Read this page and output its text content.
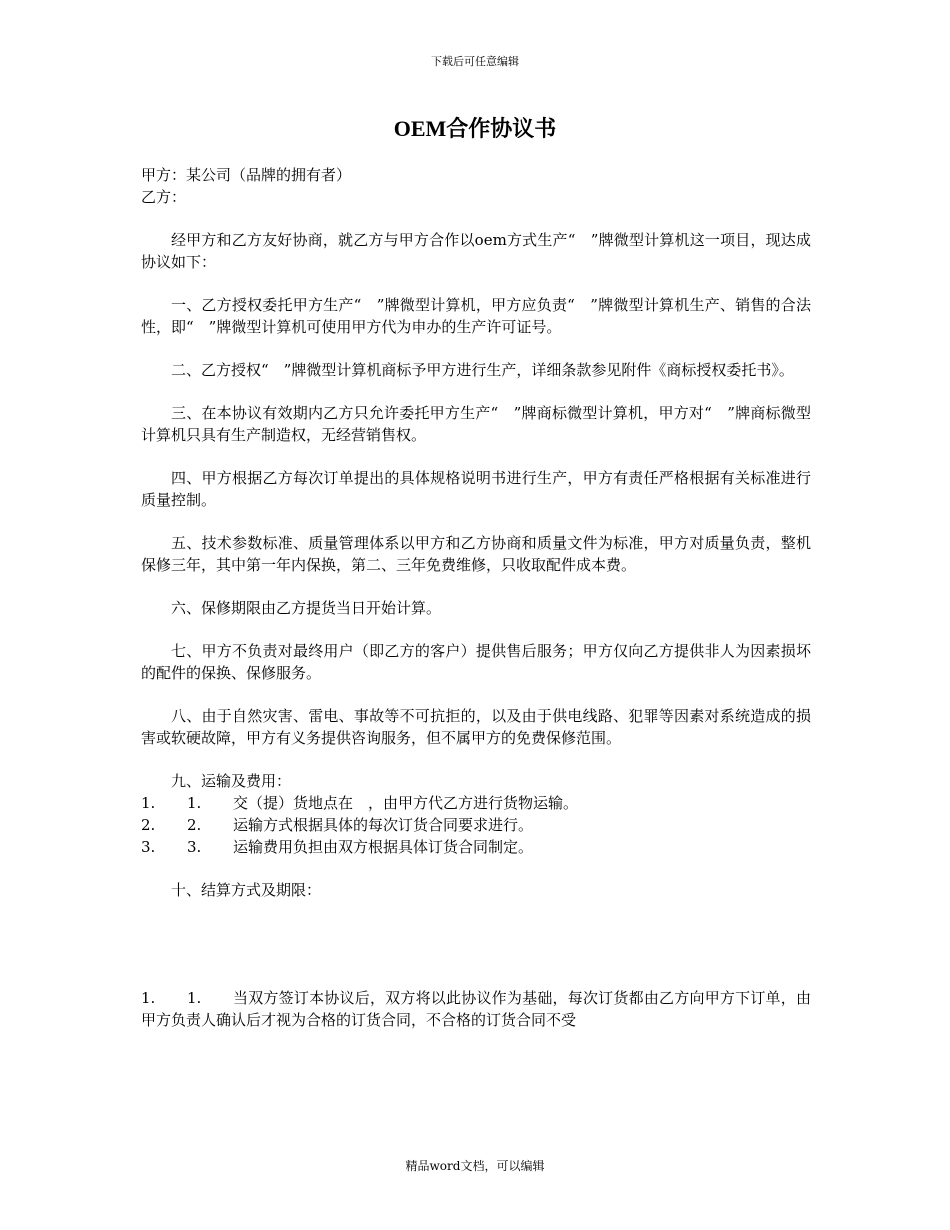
下载后可任意编辑
OEM合作协议书

甲方：某公司（品牌的拥有者）

乙方：

经甲方和乙方友好协商，就乙方与甲方合作以oem方式生产“　”牌微型计算机这一项目，现达成协议如下：

一、乙方授权委托甲方生产“　”牌微型计算机，甲方应负责“　”牌微型计算机生产、销售的合法性，即“　”牌微型计算机可使用甲方代为申办的生产许可证号。

二、乙方授权“　”牌微型计算机商标予甲方进行生产，详细条款参见附件《商标授权委托书》。

三、在本协议有效期内乙方只允许委托甲方生产“　”牌商标微型计算机，甲方对“　”牌商标微型计算机只具有生产制造权，无经营销售权。

四、甲方根据乙方每次订单提出的具体规格说明书进行生产，甲方有责任严格根据有关标准进行质量控制。

五、技术参数标准、质量管理体系以甲方和乙方协商和质量文件为标准，甲方对质量负责，整机保修三年，其中第一年内保换，第二、三年免费维修，只收取配件成本费。

六、保修期限由乙方提货当日开始计算。

七、甲方不负责对最终用户（即乙方的客户）提供售后服务；甲方仅向乙方提供非人为因素损坏的配件的保换、保修服务。

八、由于自然灾害、雷电、事故等不可抗拒的，以及由于供电线路、犯罪等因素对系统造成的损害或软硬故障，甲方有义务提供咨询服务，但不属甲方的免费保修范围。

九、运输及费用：

1.	1.	交（提）货地点在　，由甲方代乙方进行货物运输。

2.	2.	运输方式根据具体的每次订货合同要求进行。

3.	3.	运输费用负担由双方根据具体订货合同制定。

十、结算方式及期限：

1.	1.	当双方签订本协议后，双方将以此协议作为基础，每次订货都由乙方向甲方下订单，由甲方负责人确认后才视为合格的订货合同，不合格的订货合同不受

精品word文档，可以编辑
